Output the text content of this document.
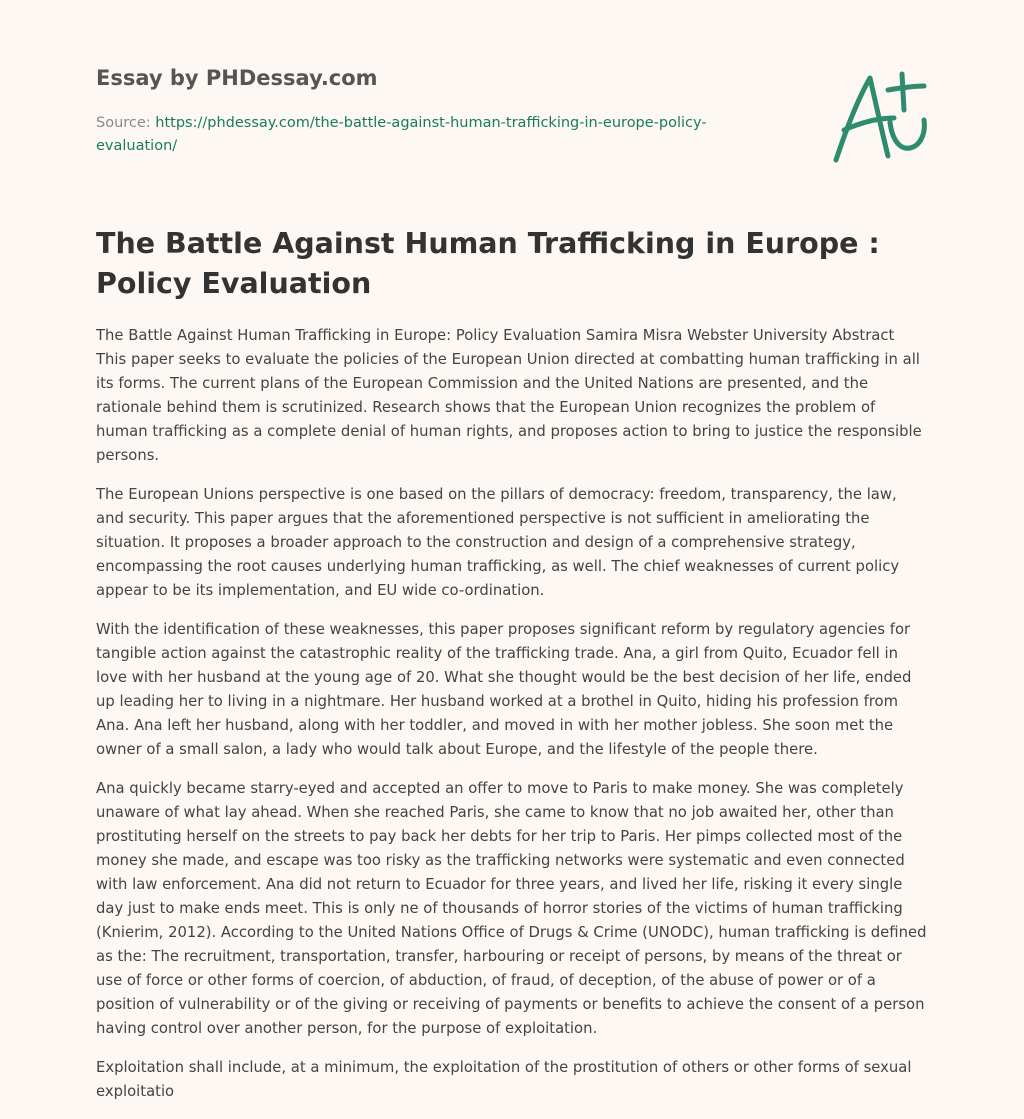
Essay by PHDessay.com
Source: https://phdessay.com/the-battle-against-human-trafficking-in-europe-policy-evaluation/
The Battle Against Human Trafficking in Europe : Policy Evaluation

The Battle Against Human Trafficking in Europe: Policy Evaluation Samira Misra Webster University Abstract This paper seeks to evaluate the policies of the European Union directed at combatting human trafficking in all its forms. The current plans of the European Commission and the United Nations are presented, and the rationale behind them is scrutinized. Research shows that the European Union recognizes the problem of human trafficking as a complete denial of human rights, and proposes action to bring to justice the responsible persons.

The European Unions perspective is one based on the pillars of democracy: freedom, transparency, the law, and security. This paper argues that the aforementioned perspective is not sufficient in ameliorating the situation. It proposes a broader approach to the construction and design of a comprehensive strategy, encompassing the root causes underlying human trafficking, as well. The chief weaknesses of current policy appear to be its implementation, and EU wide co-ordination.

With the identification of these weaknesses, this paper proposes significant reform by regulatory agencies for tangible action against the catastrophic reality of the trafficking trade. Ana, a girl from Quito, Ecuador fell in love with her husband at the young age of 20. What she thought would be the best decision of her life, ended up leading her to living in a nightmare. Her husband worked at a brothel in Quito, hiding his profession from Ana. Ana left her husband, along with her toddler, and moved in with her mother jobless. She soon met the owner of a small salon, a lady who would talk about Europe, and the lifestyle of the people there.

Ana quickly became starry-eyed and accepted an offer to move to Paris to make money. She was completely unaware of what lay ahead. When she reached Paris, she came to know that no job awaited her, other than prostituting herself on the streets to pay back her debts for her trip to Paris. Her pimps collected most of the money she made, and escape was too risky as the trafficking networks were systematic and even connected with law enforcement. Ana did not return to Ecuador for three years, and lived her life, risking it every single day just to make ends meet. This is only ne of thousands of horror stories of the victims of human trafficking (Knierim, 2012). According to the United Nations Office of Drugs & Crime (UNODC), human trafficking is defined as the: The recruitment, transportation, transfer, harbouring or receipt of persons, by means of the threat or use of force or other forms of coercion, of abduction, of fraud, of deception, of the abuse of power or of a position of vulnerability or of the giving or receiving of payments or benefits to achieve the consent of a person having control over another person, for the purpose of exploitation.

Exploitation shall include, at a minimum, the exploitation of the prostitution of others or other forms of sexual exploitatio
